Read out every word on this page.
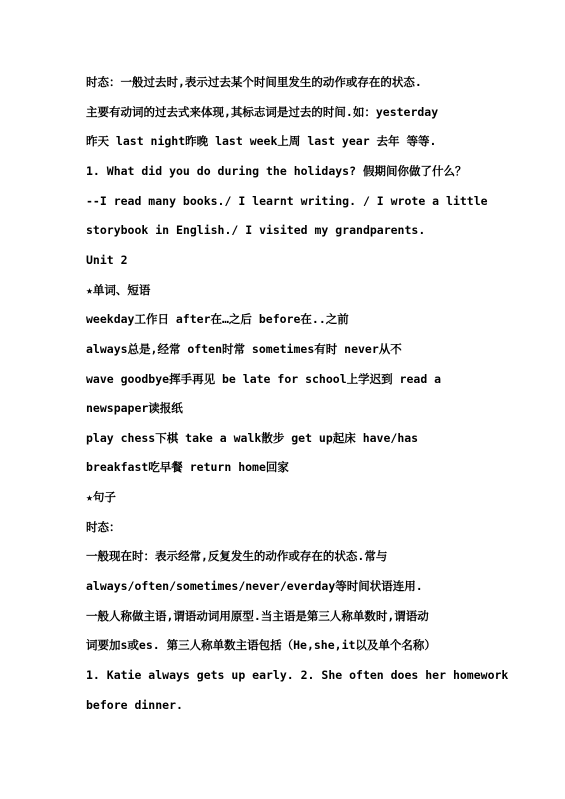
时态：一般过去时,表示过去某个时间里发生的动作或存在的状态.
主要有动词的过去式来体现,其标志词是过去的时间.如：yesterday
昨天 last night昨晚 last week上周 last year 去年 等等.
1. What did you do during the holidays? 假期间你做了什么？
--I read many books./ I learnt writing. / I wrote a little
storybook in English./ I visited my grandparents.
Unit 2
★单词、短语
weekday工作日 after在…之后 before在..之前
always总是,经常 often时常 sometimes有时 never从不
wave goodbye挥手再见 be late for school上学迟到 read a
newspaper读报纸
play chess下棋 take a walk散步 get up起床 have/has
breakfast吃早餐 return home回家
★句子
时态：
一般现在时：表示经常,反复发生的动作或存在的状态.常与
always/often/sometimes/never/everday等时间状语连用.
一般人称做主语,谓语动词用原型.当主语是第三人称单数时,谓语动
词要加s或es. 第三人称单数主语包括（He,she,it以及单个名称）
1. Katie always gets up early. 2. She often does her homework
before dinner.
